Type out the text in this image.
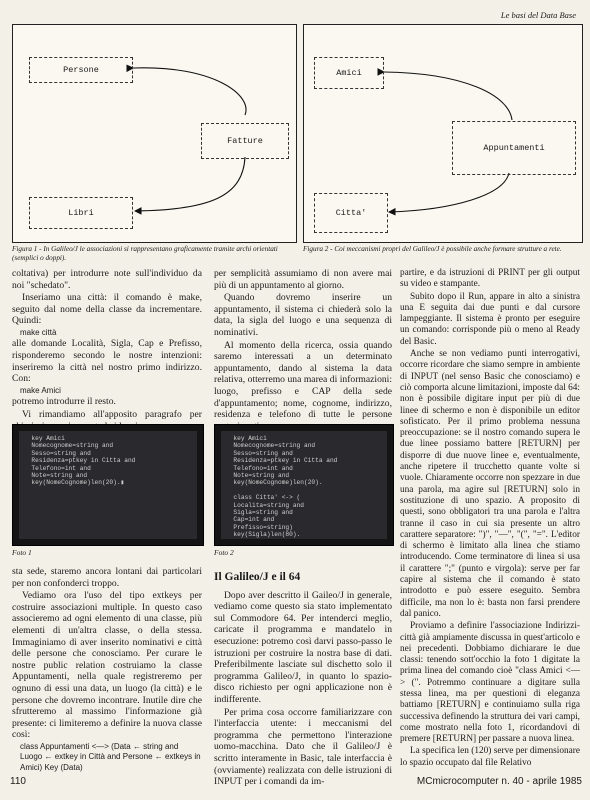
Le basi del Data Base
Persone
Fatture
Libri
Amici
Appuntamenti
Citta'
Figura 1 - In Galileo/J le associazioni si rappresentano graficamente tramite archi orientati (semplici o doppi).
Figura 2 - Coi meccanismi propri del Galileo/J è possibile anche formare strutture a rete.

coltativa) per introdurre note sull'individuo da noi "schedato".

Inseriamo una città: il comando è make, seguito dal nome della classe da incrementare. Quindi:

make città

alle domande Località, Sigla, Cap e Prefisso, risponderemo secondo le nostre intenzioni: inseriremo la città nel nostro primo indirizzo. Con:

make Amici

potremo introdurre il resto.

Vi rimandiamo all'apposito paragrafo per

per semplicità assumiamo di non avere mai più di un appuntamento al giorno.

Quando dovremo inserire un appuntamento, il sistema ci chiederà solo la data, la sigla del luogo e una sequenza di nominativi.

Al momento della ricerca, ossia quando saremo interessati a un determinato appuntamento, dando al sistema la data relativa, otterremo una marea di informazioni: luogo, prefisso e CAP della sede d'appuntamento; nome, cognome, indirizzo, residenza e telefono di tutte le persone

key Amici
Nomecognome=string and
Sesso=string and
Residenza=ptkey in Citta and
Telefono=int and
Note=string and
key(NomeCognome)len(20).▮
key Amici
Nomecognome=string and
Sesso=string and
Residenza=ptkey in Citta and
Telefono=int and
Note=string and
key(NomeCognome)len(20).

class Citta' <-> (
Localita=string and
Sigla=string and
Cap=int and
Prefisso=string)
key(Sigla)len(80).
Foto 1	Foto 2

sta sede, staremo ancora lontani dai particolari per non confonderci troppo.

Vediamo ora l'uso del tipo extkeys per costruire associazioni multiple. In questo caso associeremo ad ogni elemento di una classe, più elementi di un'altra classe, o della stessa. Immaginiamo di aver inserito nominativi e città delle persone che conosciamo. Per curare le nostre public relation costruiamo la classe Appuntamenti, nella quale registreremo per ognuno di essi una data, un luogo (la città) e le persone che dovremo incontrare. Inutile dire che sfrutteremo al massimo l'informazione già presente: ci limiteremo a definire la nuova classe così:

class Appuntamenti <—> (Data ← string and Luogo ← extkey in Città and Persone ← extkeys in Amici) Key (Data)
Il Galileo/J e il 64

Dopo aver descritto il Gaileo/J in generale, vediamo come questo sia stato implementato sul Commodore 64. Per intenderci meglio, caricate il programma e mandatelo in esecuzione: potremo così darvi passo-passo le istruzioni per costruire la nostra base di dati. Preferibilmente lasciate sul dischetto solo il programma Galileo/J, in quanto lo spazio-disco richiesto per ogni applicazione non è indifferente.

Per prima cosa occorre familiarizzare con l'interfaccia utente: i meccanismi del programma che permettono l'interazione uomo-macchina. Dato che il Galileo/J è scritto interamente in Basic, tale interfaccia è (ovviamente) realizzata con delle istruzioni di INPUT per i comandi da im-

partire, e da istruzioni di PRINT per gli output su video e stampante.

Subito dopo il Run, appare in alto a sinistra una E seguita dai due punti e dal cursore lampeggiante. Il sistema è pronto per eseguire un comando: corrisponde più o meno al Ready del Basic.

Anche se non vediamo punti interrogativi, occorre ricordare che siamo sempre in ambiente di INPUT (nel senso Basic che conosciamo) e ciò comporta alcune limitazioni, imposte dal 64: non è possibile digitare input per più di due linee di schermo e non è disponibile un editor sofisticato. Per il primo problema nessuna preoccupazione: se il nostro comando supera le due linee possiamo battere [RETURN] per disporre di due nuove linee e, eventualmente, anche ripetere il trucchetto quante volte si vuole. Chiaramente occorre non spezzare in due una parola, ma agire sul [RETURN] solo in sostituzione di uno spazio. A proposito di questi, sono obbligatori tra una parola e l'altra tranne il caso in cui sia presente un altro carattere separatore: ")", "—", "(", "=". L'editor di schermo è limitato alla linea che stiamo introducendo. Come terminatore di linea si usa il carattere ";" (punto e virgola): serve per far capire al sistema che il comando è stato introdotto e può essere eseguito. Sembra difficile, ma non lo è: basta non farsi prendere dal panico.

Proviamo a definire l'associazione Indirizzi-città già ampiamente discussa in quest'articolo e nei precedenti. Dobbiamo dichiarare le due classi: tenendo sott'occhio la foto 1 digitate la prima linea del comando cioè "class Amici <—> (". Potremmo continuare a digitare sulla stessa linea, ma per questioni di eleganza battiamo [RETURN] e continuiamo sulla riga successiva definendo la struttura dei vari campi, come mostrato nella foto 1, ricordandovi di premere [RETURN] per passare a nuova linea.

La specifica len (120) serve per dimensionare lo spazio occupato dal file Relativo

110	MCmicrocomputer n. 40 - aprile 1985
